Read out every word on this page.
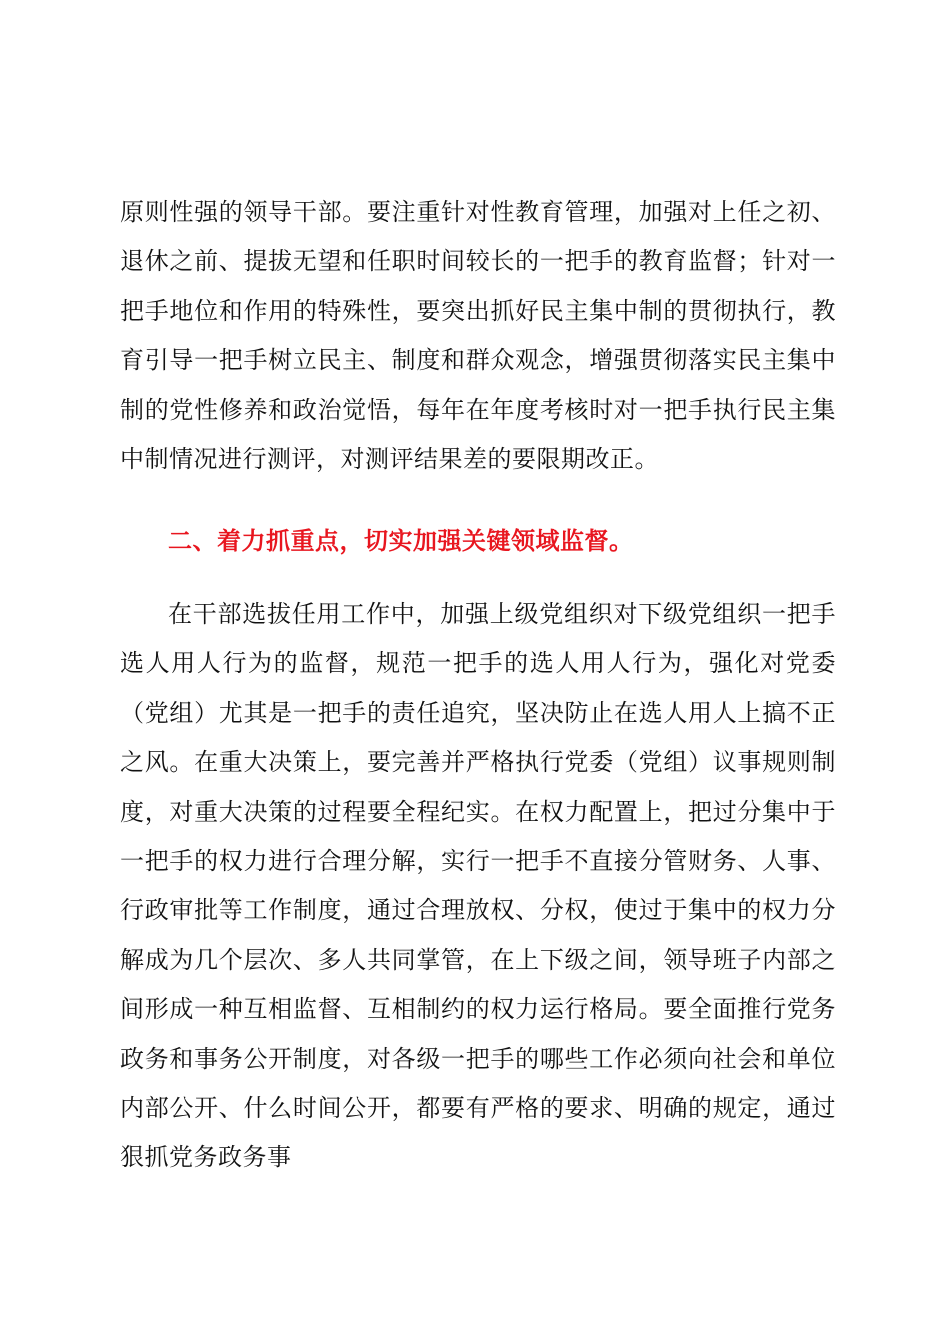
原则性强的领导干部。要注重针对性教育管理，加强对上任之初、退休之前、提拔无望和任职时间较长的一把手的教育监督；针对一把手地位和作用的特殊性，要突出抓好民主集中制的贯彻执行，教育引导一把手树立民主、制度和群众观念，增强贯彻落实民主集中制的党性修养和政治觉悟，每年在年度考核时对一把手执行民主集中制情况进行测评，对测评结果差的要限期改正。

二、着力抓重点，切实加强关键领域监督。

在干部选拔任用工作中，加强上级党组织对下级党组织一把手选人用人行为的监督，规范一把手的选人用人行为，强化对党委（党组）尤其是一把手的责任追究，坚决防止在选人用人上搞不正之风。在重大决策上，要完善并严格执行党委（党组）议事规则制度，对重大决策的过程要全程纪实。在权力配置上，把过分集中于一把手的权力进行合理分解，实行一把手不直接分管财务、人事、行政审批等工作制度，通过合理放权、分权，使过于集中的权力分解成为几个层次、多人共同掌管，在上下级之间，领导班子内部之间形成一种互相监督、互相制约的权力运行格局。要全面推行党务政务和事务公开制度，对各级一把手的哪些工作必须向社会和单位内部公开、什么时间公开，都要有严格的要求、明确的规定，通过狠抓党务政务事
